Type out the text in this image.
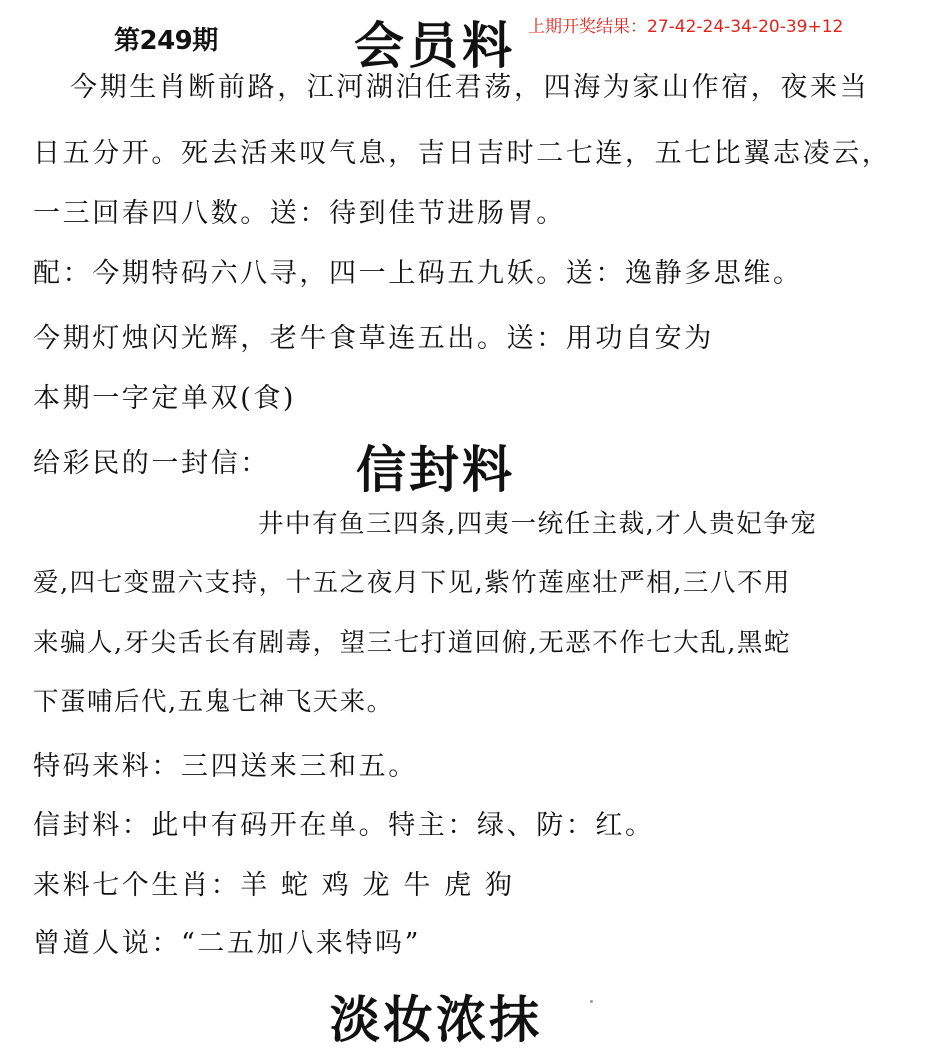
第249期	会员料 上期开奖结果：27-42-24-34-20-39+12
今期生肖断前路，江河湖泊任君荡，四海为家山作宿，夜来当
日五分开。死去活来叹气息，吉日吉时二七连，五七比翼志凌云，
一三回春四八数。送：待到佳节进肠胃。
配：今期特码六八寻，四一上码五九妖。送：逸静多思维。
今期灯烛闪光辉，老牛食草连五出。送：用功自安为
本期一字定单双(食)
给彩民的一封信： 信封料
井中有鱼三四条,四夷一统任主裁,才人贵妃争宠
爱,四七变盟六支持，十五之夜月下见,紫竹莲座壮严相,三八不用
来骗人,牙尖舌长有剧毒，望三七打道回俯,无恶不作七大乱,黑蛇
下蛋哺后代,五鬼七神飞天来。
特码来料：三四送来三和五。
信封料：此中有码开在单。特主：绿、防：红。
来料七个生肖：羊 蛇 鸡 龙 牛 虎 狗
曾道人说：“二五加八来特吗”
淡妆浓抹
